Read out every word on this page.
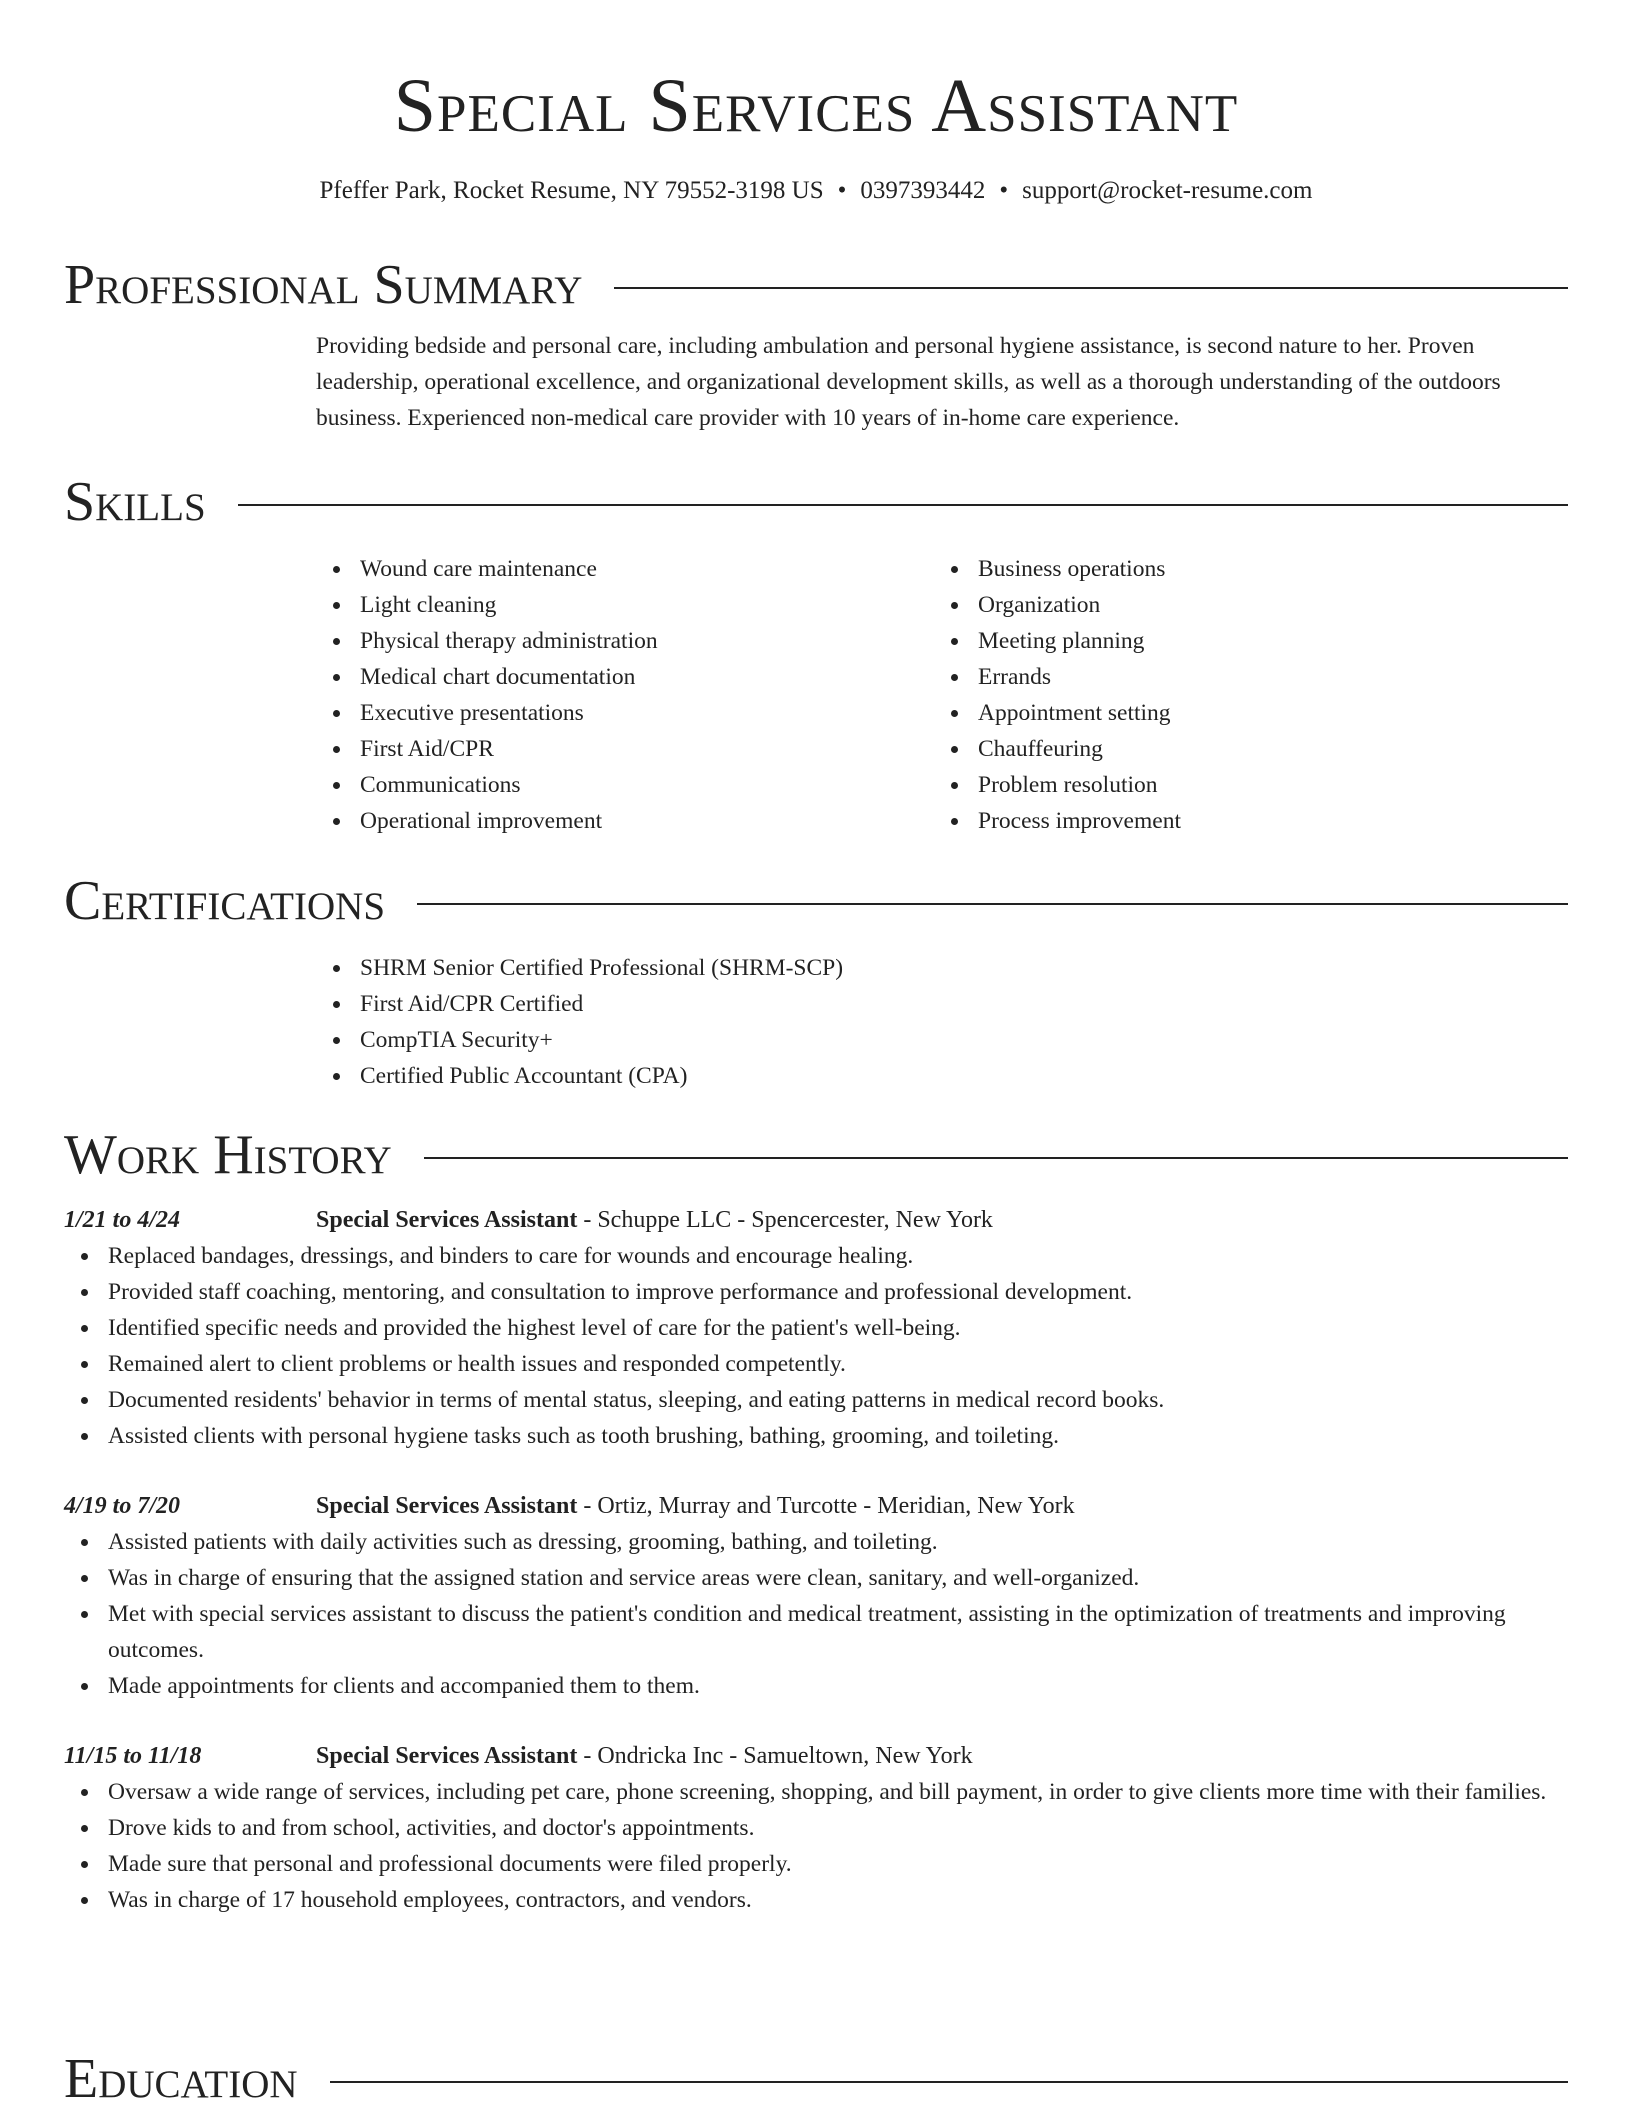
Special Services Assistant
Pfeffer Park, Rocket Resume, NY 79552-3198 US • 0397393442 • support@rocket-resume.com
Professional Summary
Providing bedside and personal care, including ambulation and personal hygiene assistance, is second nature to her. Proven leadership, operational excellence, and organizational development skills, as well as a thorough understanding of the outdoors business. Experienced non-medical care provider with 10 years of in-home care experience.
Skills
Wound care maintenance
Light cleaning
Physical therapy administration
Medical chart documentation
Executive presentations
First Aid/CPR
Communications
Operational improvement
Business operations
Organization
Meeting planning
Errands
Appointment setting
Chauffeuring
Problem resolution
Process improvement
Certifications
SHRM Senior Certified Professional (SHRM-SCP)
First Aid/CPR Certified
CompTIA Security+
Certified Public Accountant (CPA)
Work History
1/21 to 4/24	Special Services Assistant - Schuppe LLC - Spencercester, New York
Replaced bandages, dressings, and binders to care for wounds and encourage healing.
Provided staff coaching, mentoring, and consultation to improve performance and professional development.
Identified specific needs and provided the highest level of care for the patient's well-being.
Remained alert to client problems or health issues and responded competently.
Documented residents' behavior in terms of mental status, sleeping, and eating patterns in medical record books.
Assisted clients with personal hygiene tasks such as tooth brushing, bathing, grooming, and toileting.
4/19 to 7/20	Special Services Assistant - Ortiz, Murray and Turcotte - Meridian, New York
Assisted patients with daily activities such as dressing, grooming, bathing, and toileting.
Was in charge of ensuring that the assigned station and service areas were clean, sanitary, and well-organized.
Met with special services assistant to discuss the patient's condition and medical treatment, assisting in the optimization of treatments and improving outcomes.
Made appointments for clients and accompanied them to them.
11/15 to 11/18	Special Services Assistant - Ondricka Inc - Samueltown, New York
Oversaw a wide range of services, including pet care, phone screening, shopping, and bill payment, in order to give clients more time with their families.
Drove kids to and from school, activities, and doctor's appointments.
Made sure that personal and professional documents were filed properly.
Was in charge of 17 household employees, contractors, and vendors.
Education
